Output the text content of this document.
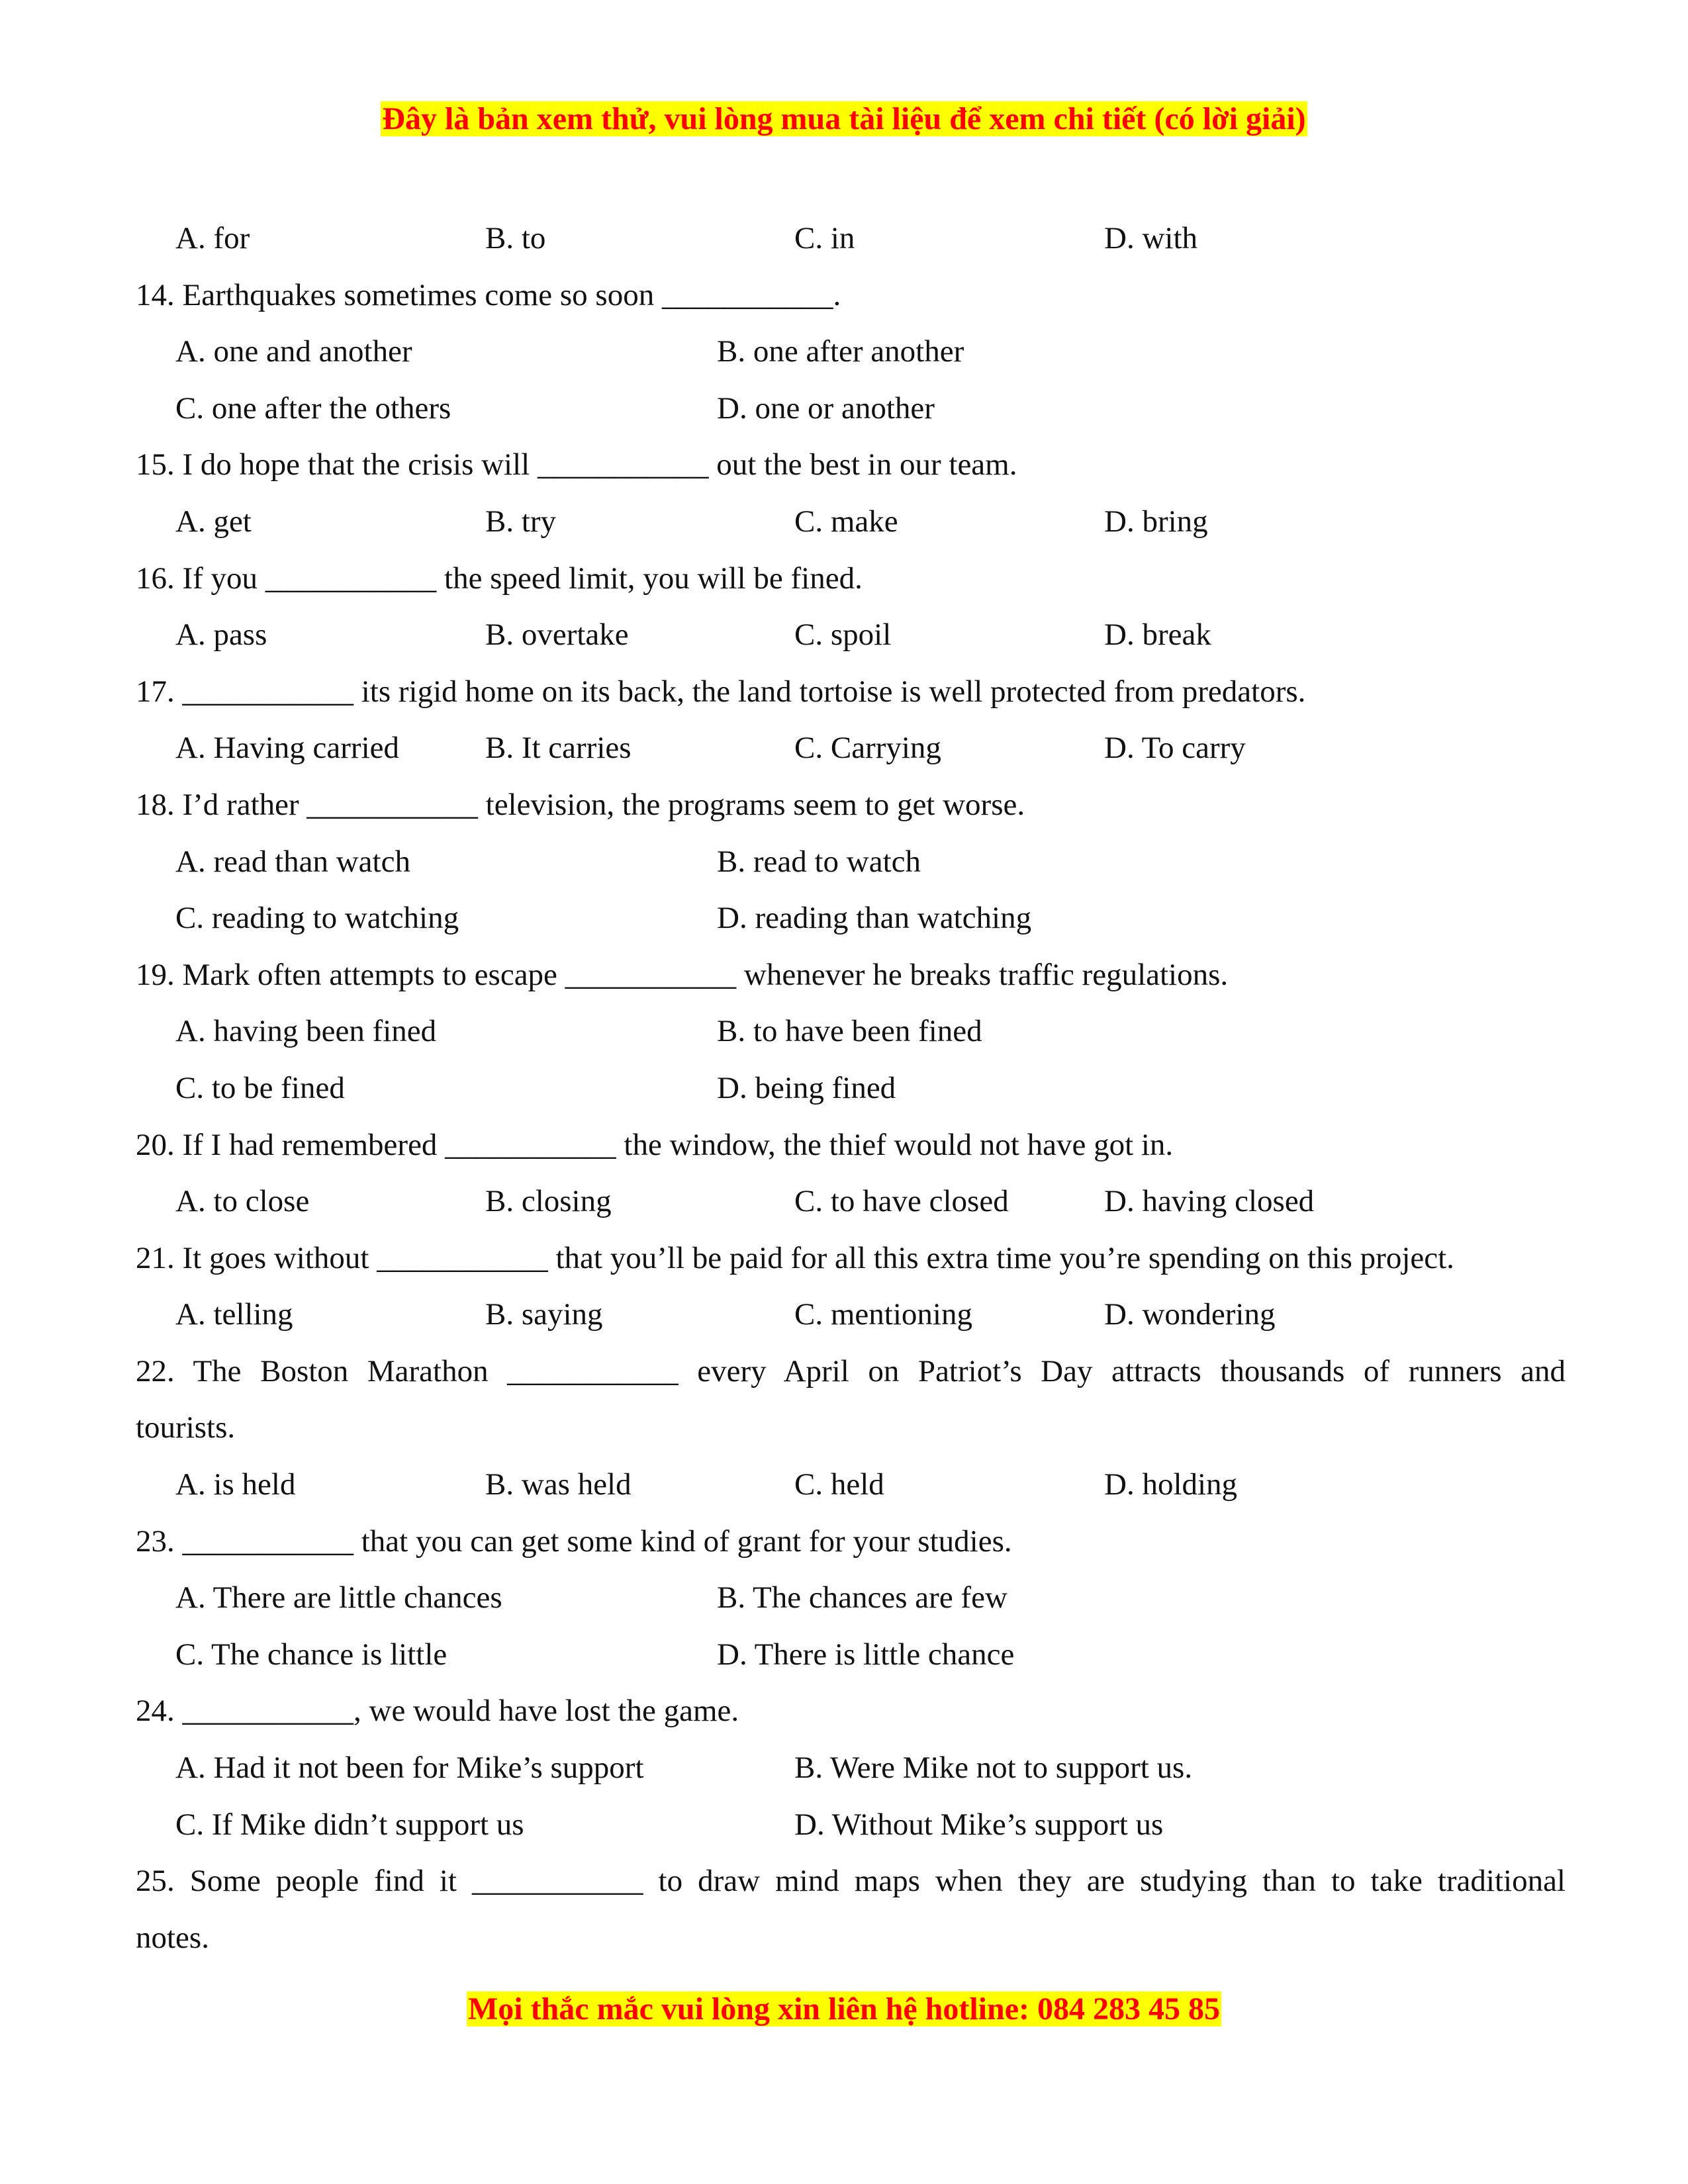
Đây là bản xem thử, vui lòng mua tài liệu để xem chi tiết (có lời giải)
A. for	B. to	C. in	D. with
14. Earthquakes sometimes come so soon ___________.
A. one and another	B. one after another
C. one after the others	D. one or another
15. I do hope that the crisis will ___________ out the best in our team.
A. get	B. try	C. make	D. bring
16. If you ___________ the speed limit, you will be fined.
A. pass	B. overtake	C. spoil	D. break
17. ___________ its rigid home on its back, the land tortoise is well protected from predators.
A. Having carried	B. It carries	C. Carrying	D. To carry
18. I’d rather ___________ television, the programs seem to get worse.
A. read than watch	B. read to watch
C. reading to watching	D. reading than watching
19. Mark often attempts to escape ___________ whenever he breaks traffic regulations.
A. having been fined	B. to have been fined
C. to be fined	D. being fined
20. If I had remembered ___________ the window, the thief would not have got in.
A. to close	B. closing	C. to have closed	D. having closed
21. It goes without ___________ that you’ll be paid for all this extra time you’re spending on this project.
A. telling	B. saying	C. mentioning	D. wondering
22. The Boston Marathon ___________ every April on Patriot’s Day attracts thousands of runners and
tourists.
A. is held	B. was held	C. held	D. holding
23. ___________ that you can get some kind of grant for your studies.
A. There are little chances	B. The chances are few
C. The chance is little	D. There is little chance
24. ___________, we would have lost the game.
A. Had it not been for Mike’s support	B. Were Mike not to support us.
C. If Mike didn’t support us	D. Without Mike’s support us
25. Some people find it ___________ to draw mind maps when they are studying than to take traditional
notes.
Mọi thắc mắc vui lòng xin liên hệ hotline: 084 283 45 85
